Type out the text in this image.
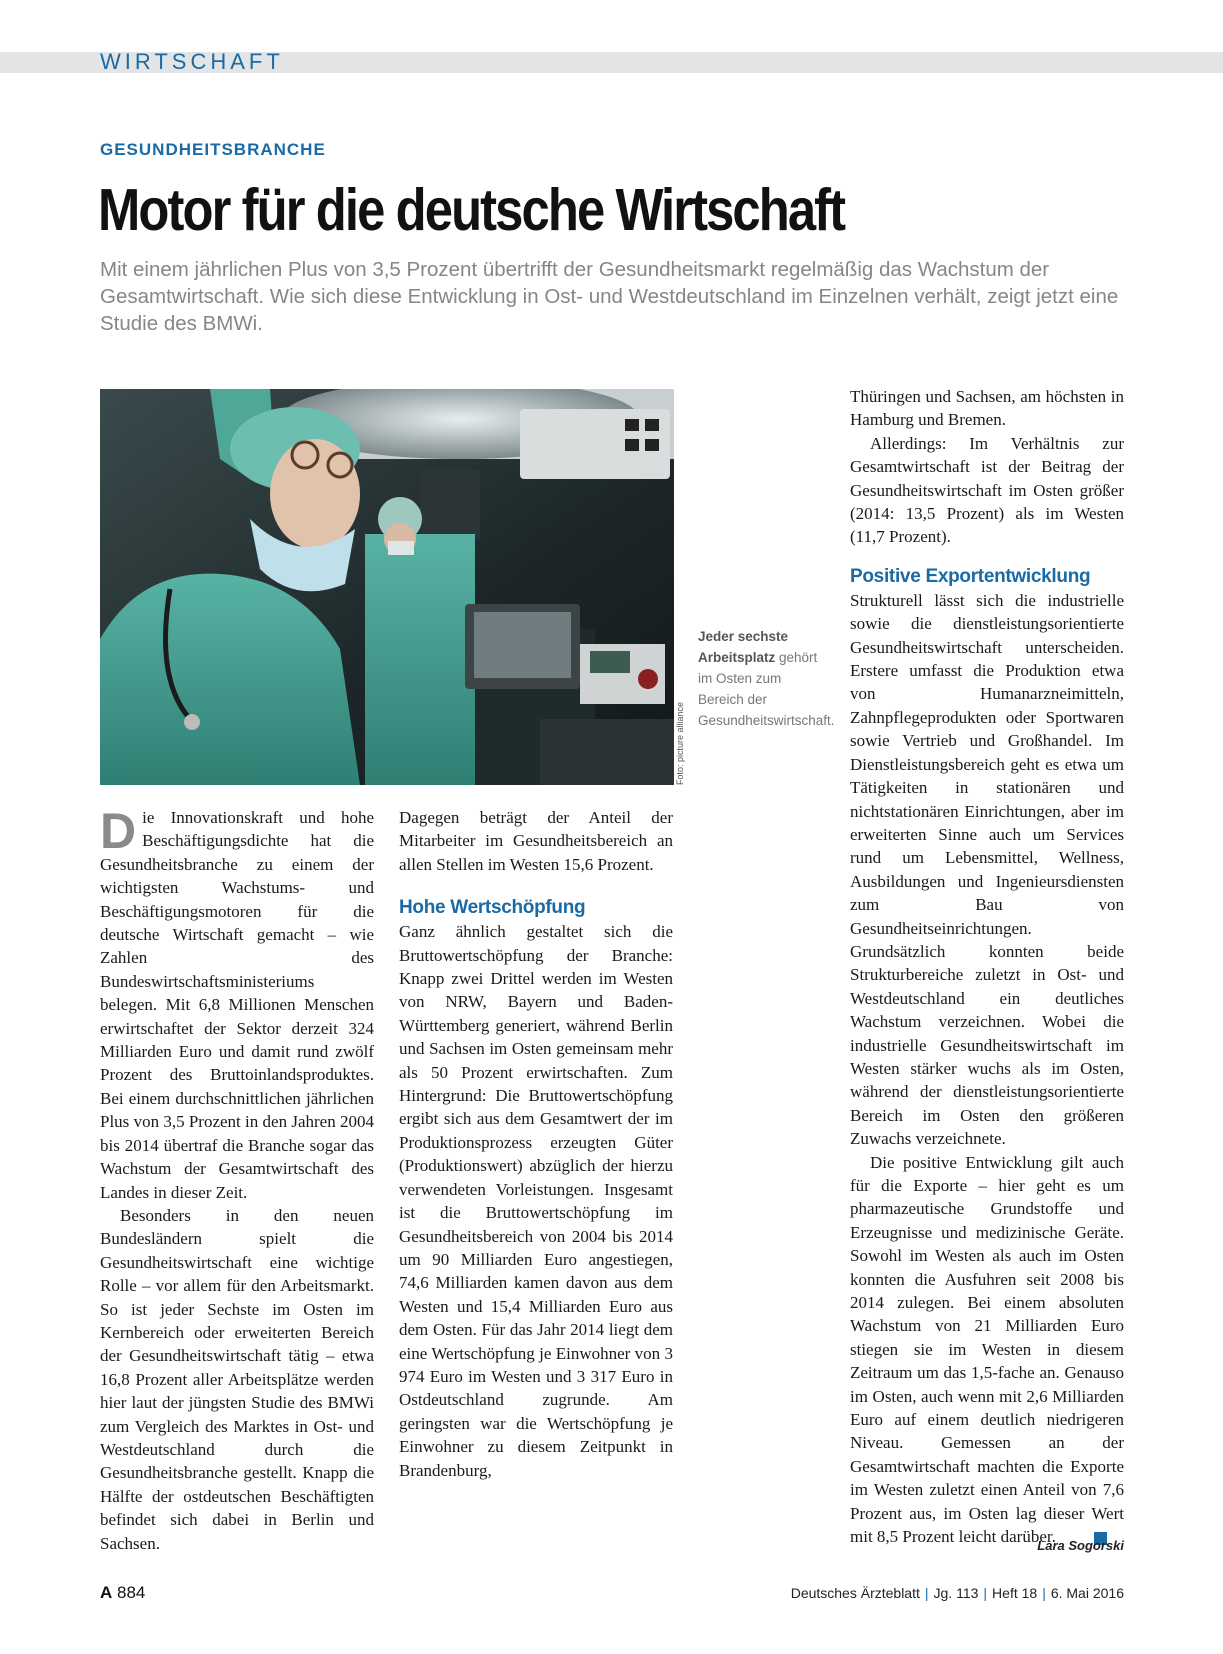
WIRTSCHAFT
GESUNDHEITSBRANCHE
Motor für die deutsche Wirtschaft

Mit einem jährlichen Plus von 3,5 Prozent übertrifft der Gesundheitsmarkt regelmäßig das Wachstum der Gesamtwirtschaft. Wie sich diese Entwicklung in Ost- und Westdeutschland im Einzelnen verhält, zeigt jetzt eine Studie des BMWi.

Foto: picture alliance
Jeder sechste Arbeitsplatz gehört im Osten zum Bereich der Gesundheitswirtschaft.

Die Innovationskraft und hohe Beschäftigungsdichte hat die Gesundheitsbranche zu einem der wichtigsten Wachstums- und Beschäftigungsmotoren für die deutsche Wirtschaft gemacht – wie Zahlen des Bundeswirtschaftsministeriums belegen. Mit 6,8 Millionen Menschen erwirtschaftet der Sektor derzeit 324 Milliarden Euro und damit rund zwölf Prozent des Bruttoinlandsproduktes. Bei einem durchschnittlichen jährlichen Plus von 3,5 Prozent in den Jahren 2004 bis 2014 übertraf die Branche sogar das Wachstum der Gesamtwirtschaft des Landes in dieser Zeit.

Besonders in den neuen Bundesländern spielt die Gesundheitswirtschaft eine wichtige Rolle – vor allem für den Arbeitsmarkt. So ist jeder Sechste im Osten im Kernbereich oder erweiterten Bereich der Gesundheitswirtschaft tätig – etwa 16,8 Prozent aller Arbeitsplätze werden hier laut der jüngsten Studie des BMWi zum Vergleich des Marktes in Ost- und Westdeutschland durch die Gesundheitsbranche gestellt. Knapp die Hälfte der ostdeutschen Beschäftigten befindet sich dabei in Berlin und Sachsen.

Dagegen beträgt der Anteil der Mitarbeiter im Gesundheitsbereich an allen Stellen im Westen 15,6 Prozent.

Hohe Wertschöpfung

Ganz ähnlich gestaltet sich die Bruttowertschöpfung der Branche: Knapp zwei Drittel werden im Westen von NRW, Bayern und Baden-Württemberg generiert, während Berlin und Sachsen im Osten gemeinsam mehr als 50 Prozent erwirtschaften. Zum Hintergrund: Die Bruttowertschöpfung ergibt sich aus dem Gesamtwert der im Produktionsprozess erzeugten Güter (Produktionswert) abzüglich der hierzu verwendeten Vorleistungen. Insgesamt ist die Bruttowertschöpfung im Gesundheitsbereich von 2004 bis 2014 um 90 Milliarden Euro angestiegen, 74,6 Milliarden kamen davon aus dem Westen und 15,4 Milliarden Euro aus dem Osten. Für das Jahr 2014 liegt dem eine Wertschöpfung je Einwohner von 3 974 Euro im Westen und 3 317 Euro in Ostdeutschland zugrunde. Am geringsten war die Wertschöpfung je Einwohner zu diesem Zeitpunkt in Brandenburg,

Thüringen und Sachsen, am höchsten in Hamburg und Bremen.

Allerdings: Im Verhältnis zur Gesamtwirtschaft ist der Beitrag der Gesundheitswirtschaft im Osten größer (2014: 13,5 Prozent) als im Westen (11,7 Prozent).

Positive Exportentwicklung

Strukturell lässt sich die industrielle sowie die dienstleistungsorientierte Gesundheitswirtschaft unterscheiden. Erstere umfasst die Produktion etwa von Humanarzneimitteln, Zahnpflegeprodukten oder Sportwaren sowie Vertrieb und Großhandel. Im Dienstleistungsbereich geht es etwa um Tätigkeiten in stationären und nichtstationären Einrichtungen, aber im erweiterten Sinne auch um Services rund um Lebensmittel, Wellness, Ausbildungen und Ingenieursdiensten zum Bau von Gesundheitseinrichtungen. Grundsätzlich konnten beide Strukturbereiche zuletzt in Ost- und Westdeutschland ein deutliches Wachstum verzeichnen. Wobei die industrielle Gesundheitswirtschaft im Westen stärker wuchs als im Osten, während der dienstleistungsorientierte Bereich im Osten den größeren Zuwachs verzeichnete.

Die positive Entwicklung gilt auch für die Exporte – hier geht es um pharmazeutische Grundstoffe und Erzeugnisse und medizinische Geräte. Sowohl im Westen als auch im Osten konnten die Ausfuhren seit 2008 bis 2014 zulegen. Bei einem absoluten Wachstum von 21 Milliarden Euro stiegen sie im Westen in diesem Zeitraum um das 1,5-fache an. Genauso im Osten, auch wenn mit 2,6 Milliarden Euro auf einem deutlich niedrigeren Niveau. Gemessen an der Gesamtwirtschaft machten die Exporte im Westen zuletzt einen Anteil von 7,6 Prozent aus, im Osten lag dieser Wert mit 8,5 Prozent leicht darüber.

Lara Sogorski
A 884	Deutsches Ärzteblatt | Jg. 113 | Heft 18 | 6. Mai 2016
